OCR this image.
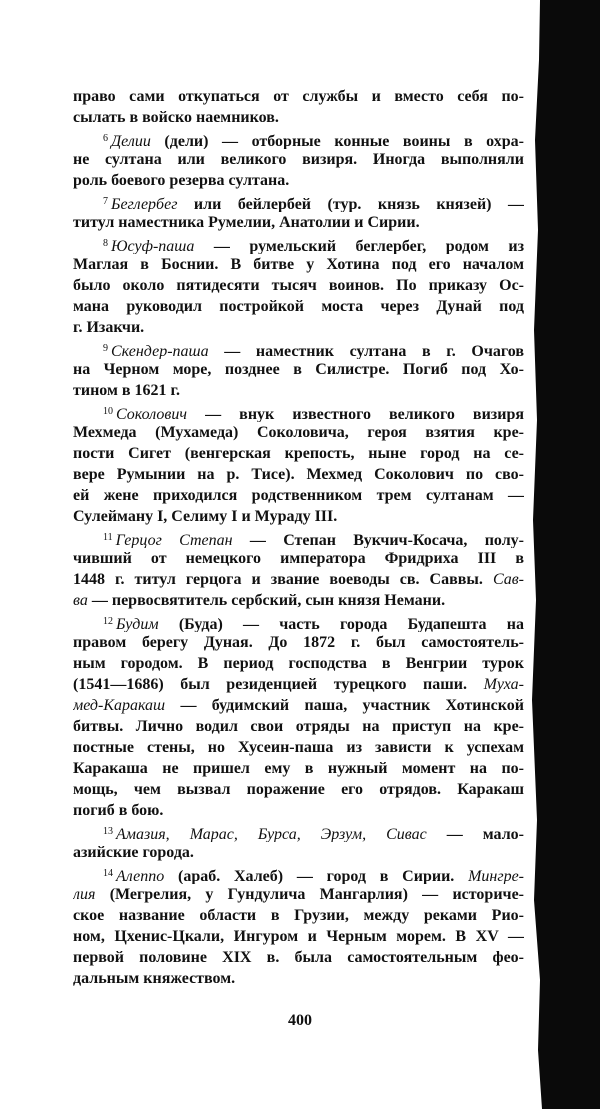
право сами откупаться от службы и вместо себя по-
сылать в войско наемников.
$^6$ Делии (дели) — отборные конные воины в охра-
не султана или великого визиря. Иногда выполняли
роль боевого резерва султана.
$^7$ Беглербег или бейлербей (тур. князь князей) —
титул наместника Румелии, Анатолии и Сирии.
$^8$ Юсуф-паша — румельский беглербег, родом из
Маглая в Боснии. В битве у Хотина под его началом
было около пятидесяти тысяч воинов. По приказу Ос-
мана руководил постройкой моста через Дунай под
г. Изакчи.
$^9$ Скендер-паша — наместник султана в г. Очагов
на Черном море, позднее в Силистре. Погиб под Хо-
тином в 1621 г.
$^{10}$ Соколович — внук известного великого визиря
Мехмеда (Мухамеда) Соколовича, героя взятия кре-
пости Сигет (венгерская крепость, ныне город на се-
вере Румынии на р. Тисе). Мехмед Соколович по сво-
ей жене приходился родственником трем султанам —
Сулейману I, Селиму I и Мураду III.
$^{11}$ Герцог Степан — Степан Вукчич-Косача, полу-
чивший от немецкого императора Фридриха III в
1448 г. титул герцога и звание воеводы св. Саввы. Сав-
ва — первосвятитель сербский, сын князя Немани.
$^{12}$ Будим (Буда) — часть города Будапешта на
правом берегу Дуная. До 1872 г. был самостоятель-
ным городом. В период господства в Венгрии турок
(1541—1686) был резиденцией турецкого паши. Муха-
мед-Каракаш — будимский паша, участник Хотинской
битвы. Лично водил свои отряды на приступ на кре-
постные стены, но Хусеин-паша из зависти к успехам
Каракаша не пришел ему в нужный момент на по-
мощь, чем вызвал поражение его отрядов. Каракаш
погиб в бою.
$^{13}$ Амазия, Марас, Бурса, Эрзум, Сивас — мало-
азийские города.
$^{14}$ Алеппо (араб. Халеб) — город в Сирии. Мингре-
лия (Мегрелия, у Гундулича Мангарлия) — историче-
ское название области в Грузии, между реками Рио-
ном, Цхенис-Цкали, Ингуром и Черным морем. В XV —
первой половине XIX в. была самостоятельным фео-
дальным княжеством.
400
